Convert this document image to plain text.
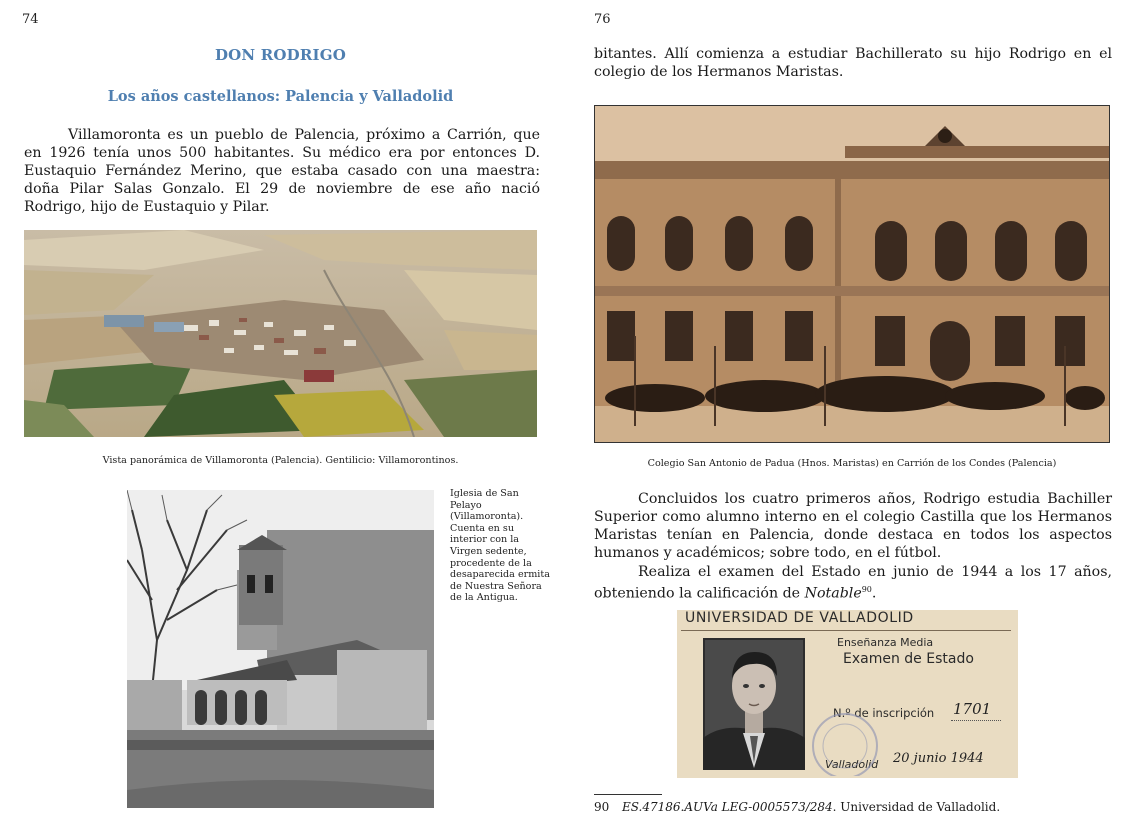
74
DON RODRIGO
Los años castellanos: Palencia y Valladolid
Villamoronta es un pueblo de Palencia, próximo a Carrión, que en 1926 tenía unos 500 habitantes. Su médico era por entonces D. Eustaquio Fernández Merino, que estaba casado con una maestra: doña Pilar Salas Gonzalo. El 29 de noviembre de ese año nació Rodrigo, hijo de Eustaquio y Pilar.
Vista panorámica de Villamoronta (Palencia). Gentilicio: Villamorontinos.
Iglesia de San Pelayo (Villamoronta). Cuenta en su interior con la Virgen sedente, procedente de la desaparecida ermita de Nuestra Señora de la Antigua.
76
bitantes. Allí comienza a estudiar Bachillerato su hijo Rodrigo en el colegio de los Hermanos Maristas.
Colegio San Antonio de Padua (Hnos. Maristas) en Carrión de los Condes (Palencia)
Concluidos los cuatro primeros años, Rodrigo estudia Bachiller Superior como alumno interno en el colegio Castilla que los Hermanos Maristas tenían en Palencia, donde destaca en todos los aspectos humanos y académicos; sobre todo, en el fútbol.
Realiza el examen del Estado en junio de 1944 a los 17 años, obteniendo la calificación de Notable$^{90}$.
UNIVERSIDAD DE VALLADOLID
Enseñanza Media
Examen de Estado
N.º de inscripción 1701
Valladolid 20 junio 1944
90 ES.47186.AUVa LEG-0005573/284. Universidad de Valladolid.
